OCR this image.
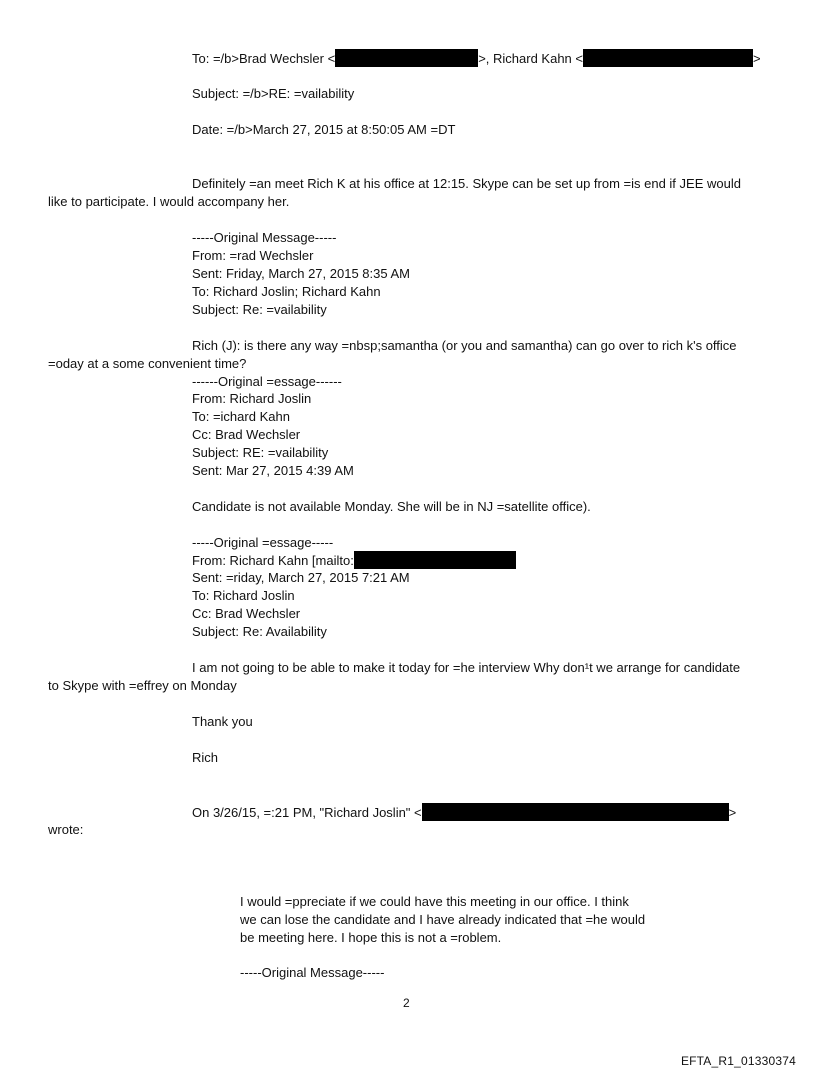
To: =/b>Brad Wechsler <	>, Richard Kahn <	>
Subject: =/b>RE: =vailability
Date: =/b>March 27, 2015 at 8:50:05 AM =DT
Definitely =an meet Rich K at his office at 12:15. Skype can be set up from =is end if JEE would
like to participate. I would accompany her.
-----Original Message-----
From: =rad Wechsler
Sent: Friday, March 27, 2015 8:35 AM
To: Richard Joslin; Richard Kahn
Subject: Re: =vailability
Rich (J): is there any way =nbsp;samantha (or you and samantha) can go over to rich k's office
=oday at a some convenient time?
------Original =essage------
From: Richard Joslin
To: =ichard Kahn
Cc: Brad Wechsler
Subject: RE: =vailability
Sent: Mar 27, 2015 4:39 AM
Candidate is not available Monday. She will be in NJ =satellite office).
-----Original =essage-----
From: Richard Kahn [mailto:
Sent: =riday, March 27, 2015 7:21 AM
To: Richard Joslin
Cc: Brad Wechsler
Subject: Re: Availability
I am not going to be able to make it today for =he interview Why don¹t we arrange for candidate
to Skype with =effrey on Monday
Thank you
Rich
On 3/26/15, =:21 PM, "Richard Joslin" <	>
wrote:
I would =ppreciate if we could have this meeting in our office. I think
we can lose the candidate and I have already indicated that =he would
be meeting here. I hope this is not a =roblem.
-----Original Message-----
2
EFTA_R1_01330374
